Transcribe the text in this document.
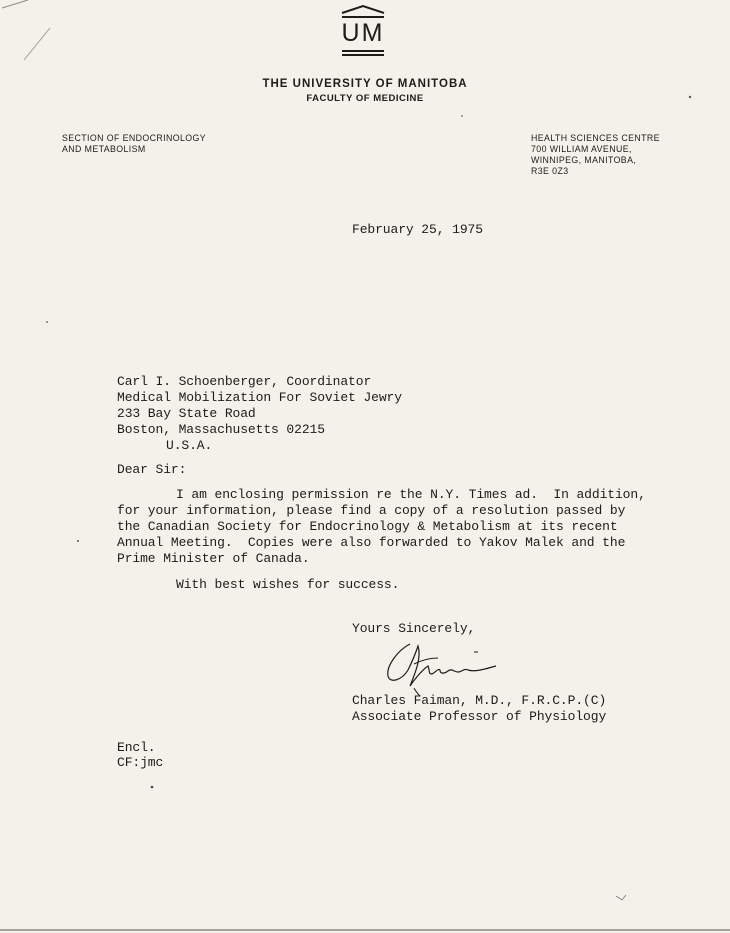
UM
THE UNIVERSITY OF MANITOBA
FACULTY OF MEDICINE
SECTION OF ENDOCRINOLOGY
AND METABOLISM
HEALTH SCIENCES CENTRE
700 WILLIAM AVENUE,
WINNIPEG, MANITOBA,
R3E 0Z3
February 25, 1975
Carl I. Schoenberger, Coordinator
Medical Mobilization For Soviet Jewry
233 Bay State Road
Boston, Massachusetts 02215
U.S.A.
Dear Sir:
I am enclosing permission re the N.Y. Times ad.  In addition,
for your information, please find a copy of a resolution passed by
the Canadian Society for Endocrinology & Metabolism at its recent
Annual Meeting.  Copies were also forwarded to Yakov Malek and the
Prime Minister of Canada.
With best wishes for success.
Yours Sincerely,
Charles Faiman, M.D., F.R.C.P.(C)
Associate Professor of Physiology
Encl.
CF:jmc
